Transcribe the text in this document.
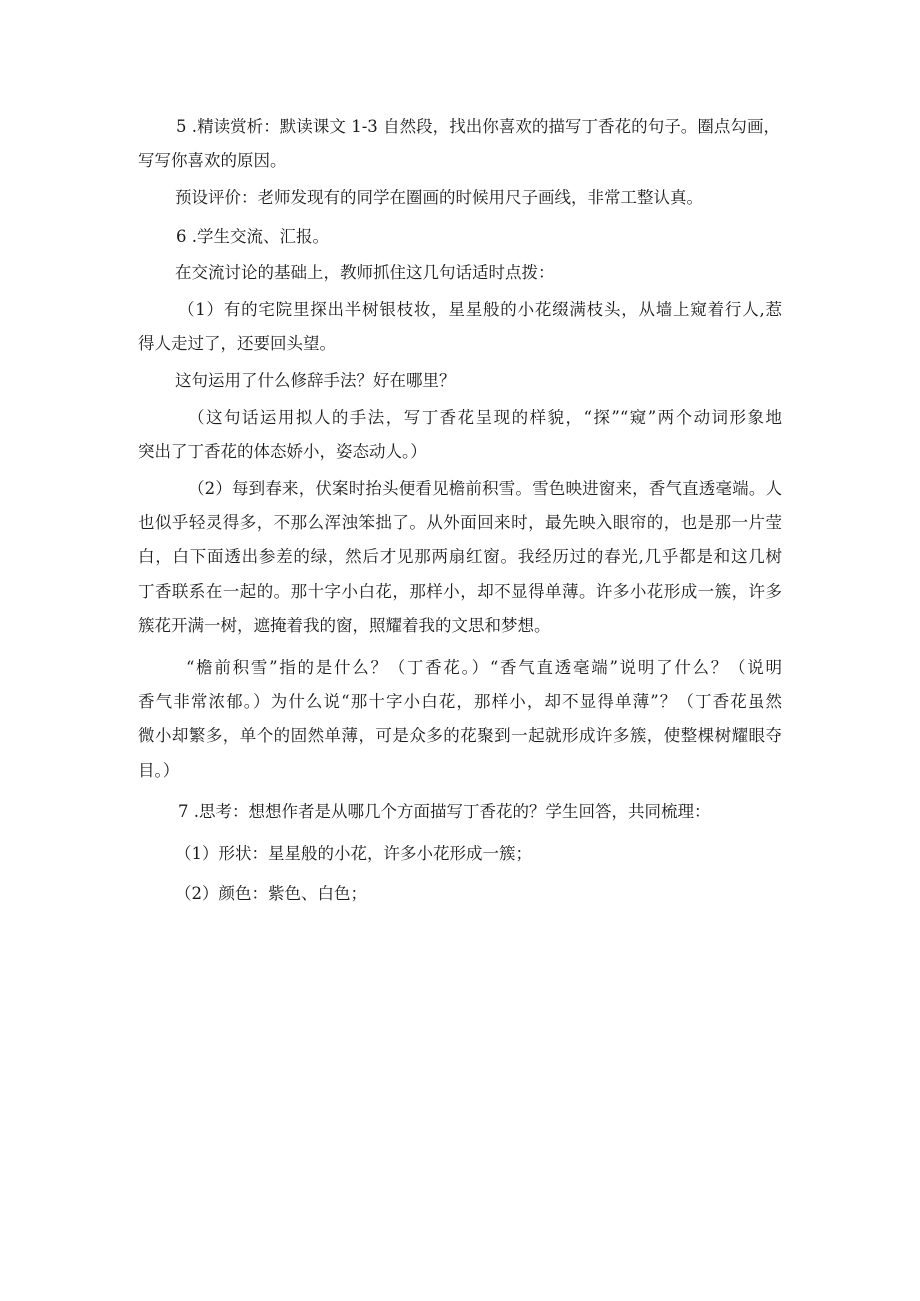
5 .精读赏析：默读课文 1-3 自然段，找出你喜欢的描写丁香花的句子。圈点勾画，

写写你喜欢的原因。

预设评价：老师发现有的同学在圈画的时候用尺子画线，非常工整认真。

6 .学生交流、汇报。

在交流讨论的基础上，教师抓住这几句话适时点拨：

（1）有的宅院里探出半树银枝妆，星星般的小花缀满枝头，从墙上窥着行人,惹

得人走过了，还要回头望。

这句运用了什么修辞手法？好在哪里？

（这句话运用拟人的手法，写丁香花呈现的样貌，“探”“窥”两个动词形象地

突出了丁香花的体态娇小，姿态动人。）

（2）每到春来，伏案时抬头便看见檐前积雪。雪色映进窗来，香气直透毫端。人

也似乎轻灵得多，不那么浑浊笨拙了。从外面回来时，最先映入眼帘的，也是那一片莹

白，白下面透出参差的绿，然后才见那两扇红窗。我经历过的春光,几乎都是和这几树

丁香联系在一起的。那十字小白花，那样小，却不显得单薄。许多小花形成一簇，许多

簇花开满一树，遮掩着我的窗，照耀着我的文思和梦想。

“檐前积雪”指的是什么？（丁香花。）“香气直透毫端”说明了什么？（说明

香气非常浓郁。）为什么说“那十字小白花，那样小，却不显得单薄”？（丁香花虽然

微小却繁多，单个的固然单薄，可是众多的花聚到一起就形成许多簇，使整棵树耀眼夺

目。）

7 .思考：想想作者是从哪几个方面描写丁香花的？学生回答，共同梳理：

（1）形状：星星般的小花，许多小花形成一簇；

（2）颜色：紫色、白色；
